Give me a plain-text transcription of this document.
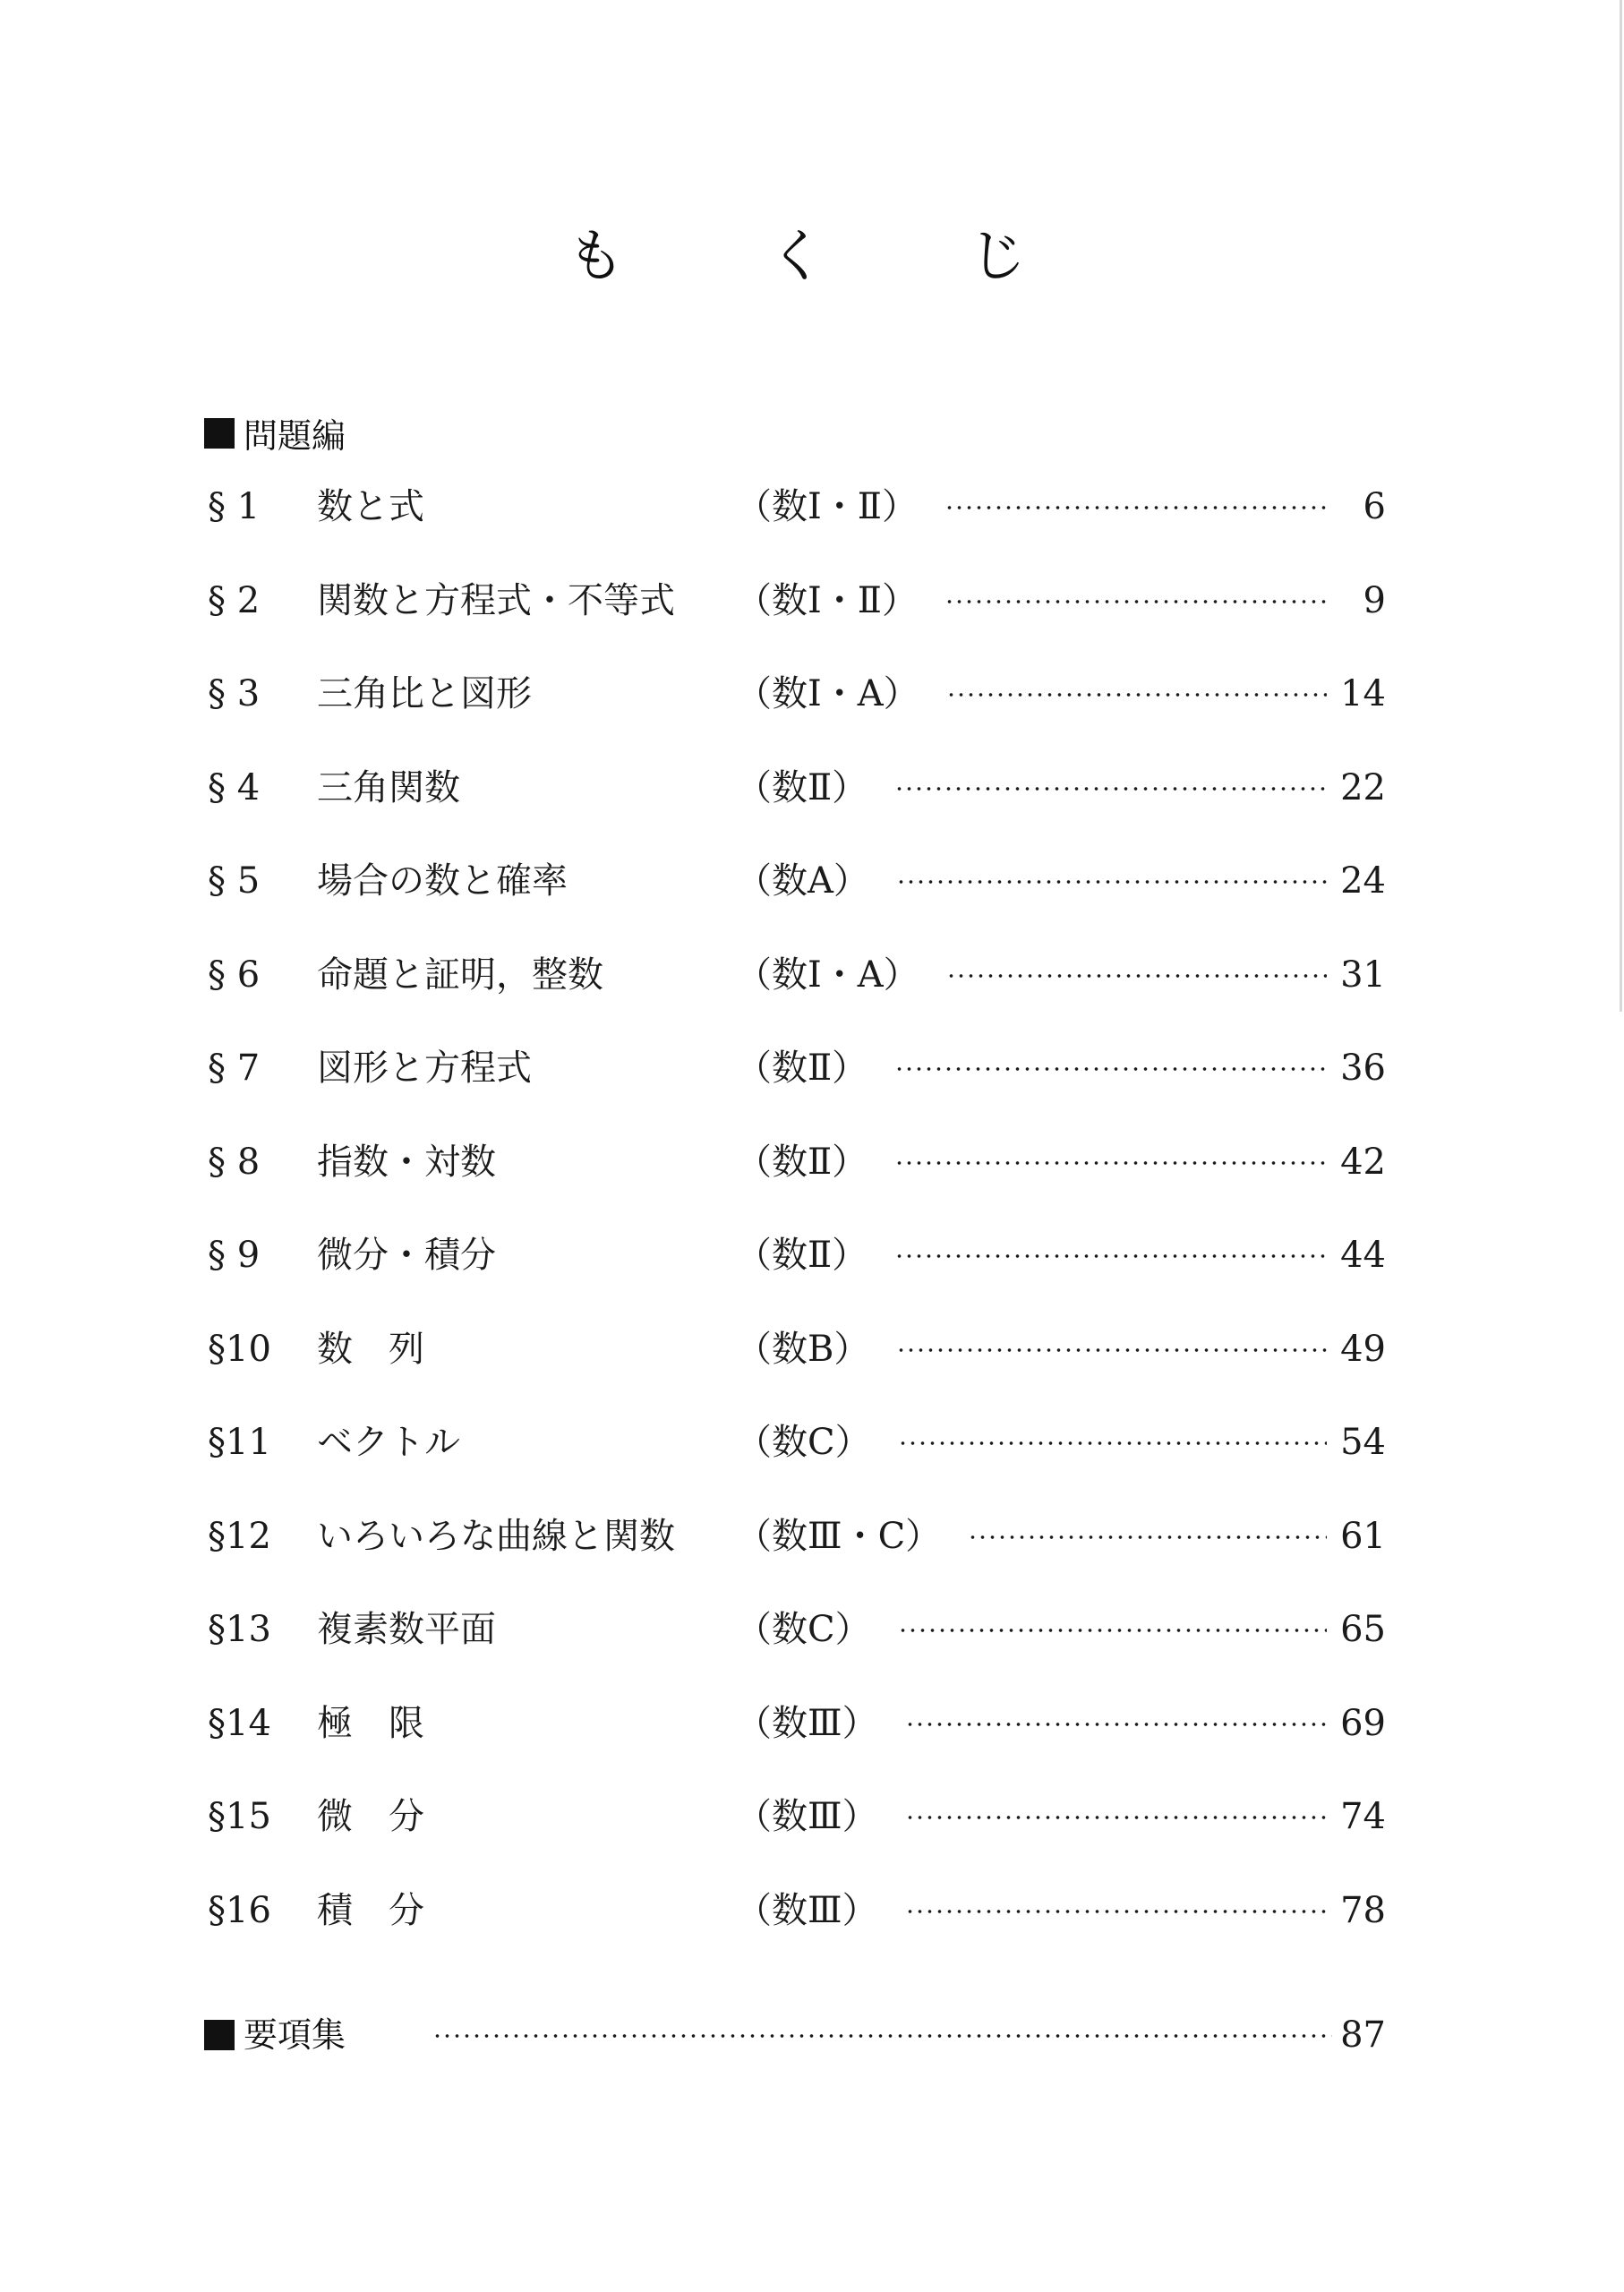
も く じ
問題編
§ 1 数と式	（数Ⅰ・Ⅱ）	6
§ 2 関数と方程式・不等式 （数Ⅰ・Ⅱ）	9
§ 3 三角比と図形	（数Ⅰ・A）	14
§ 4 三角関数	（数Ⅱ）	22
§ 5 場合の数と確率	（数A）	24
§ 6 命題と証明，整数	（数Ⅰ・A）	31
§ 7 図形と方程式	（数Ⅱ）	36
§ 8 指数・対数	（数Ⅱ）	42
§ 9 微分・積分	（数Ⅱ）	44
§10 数　列	（数B）	49
§11 ベクトル	（数C）	54
§12 いろいろな曲線と関数 （数Ⅲ・C）	61
§13 複素数平面	（数C）	65
§14 極　限	（数Ⅲ）	69
§15 微　分	（数Ⅲ）	74
§16 積　分	（数Ⅲ）	78
要項集	87
